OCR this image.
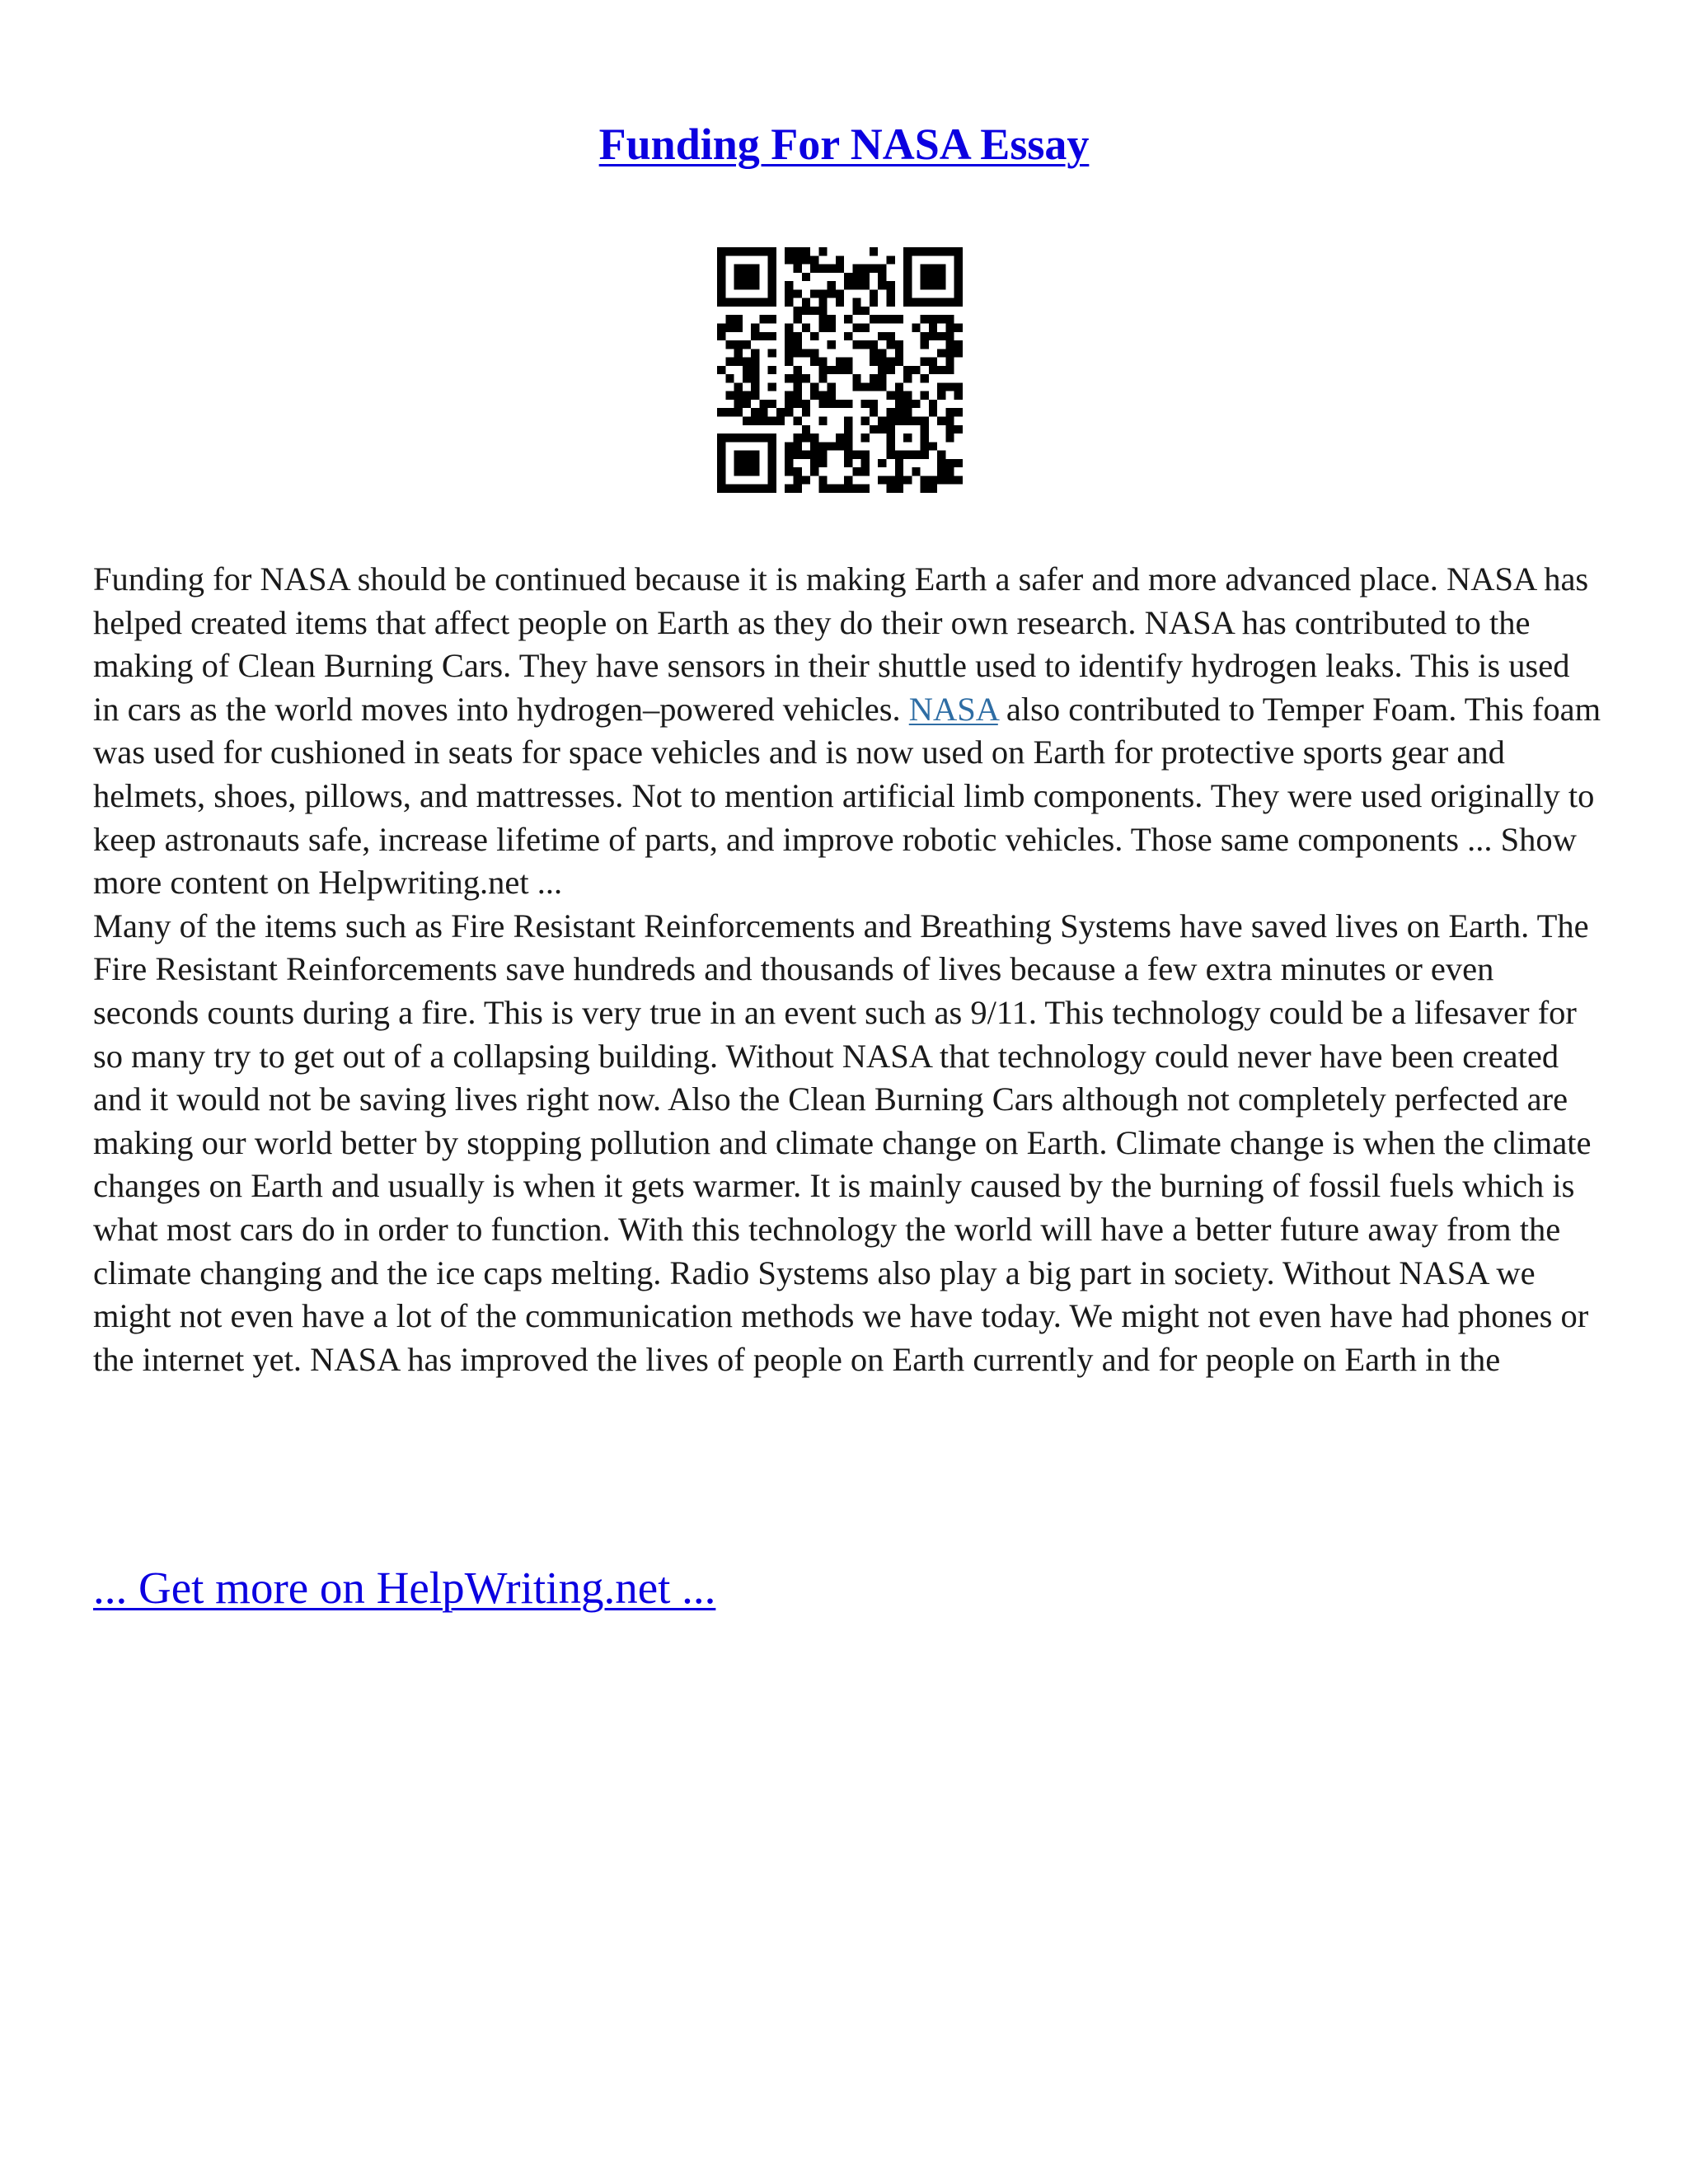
Funding For NASA Essay

Funding for NASA should be continued because it is making Earth a safer and more advanced place. NASA has helped created items that affect people on Earth as they do their own research. NASA has contributed to the making of Clean Burning Cars. They have sensors in their shuttle used to identify hydrogen leaks. This is used in cars as the world moves into hydrogen–powered vehicles. NASA also contributed to Temper Foam. This foam was used for cushioned in seats for space vehicles and is now used on Earth for protective sports gear and helmets, shoes, pillows, and mattresses. Not to mention artificial limb components. They were used originally to keep astronauts safe, increase lifetime of parts, and improve robotic vehicles. Those same components ... Show more content on Helpwriting.net ...

Many of the items such as Fire Resistant Reinforcements and Breathing Systems have saved lives on Earth. The Fire Resistant Reinforcements save hundreds and thousands of lives because a few extra minutes or even seconds counts during a fire. This is very true in an event such as 9/11. This technology could be a lifesaver for so many try to get out of a collapsing building. Without NASA that technology could never have been created and it would not be saving lives right now. Also the Clean Burning Cars although not completely perfected are making our world better by stopping pollution and climate change on Earth. Climate change is when the climate changes on Earth and usually is when it gets warmer. It is mainly caused by the burning of fossil fuels which is what most cars do in order to function. With this technology the world will have a better future away from the climate changing and the ice caps melting. Radio Systems also play a big part in society. Without NASA we might not even have a lot of the communication methods we have today. We might not even have had phones or the internet yet. NASA has improved the lives of people on Earth currently and for people on Earth in the

... Get more on HelpWriting.net ...
